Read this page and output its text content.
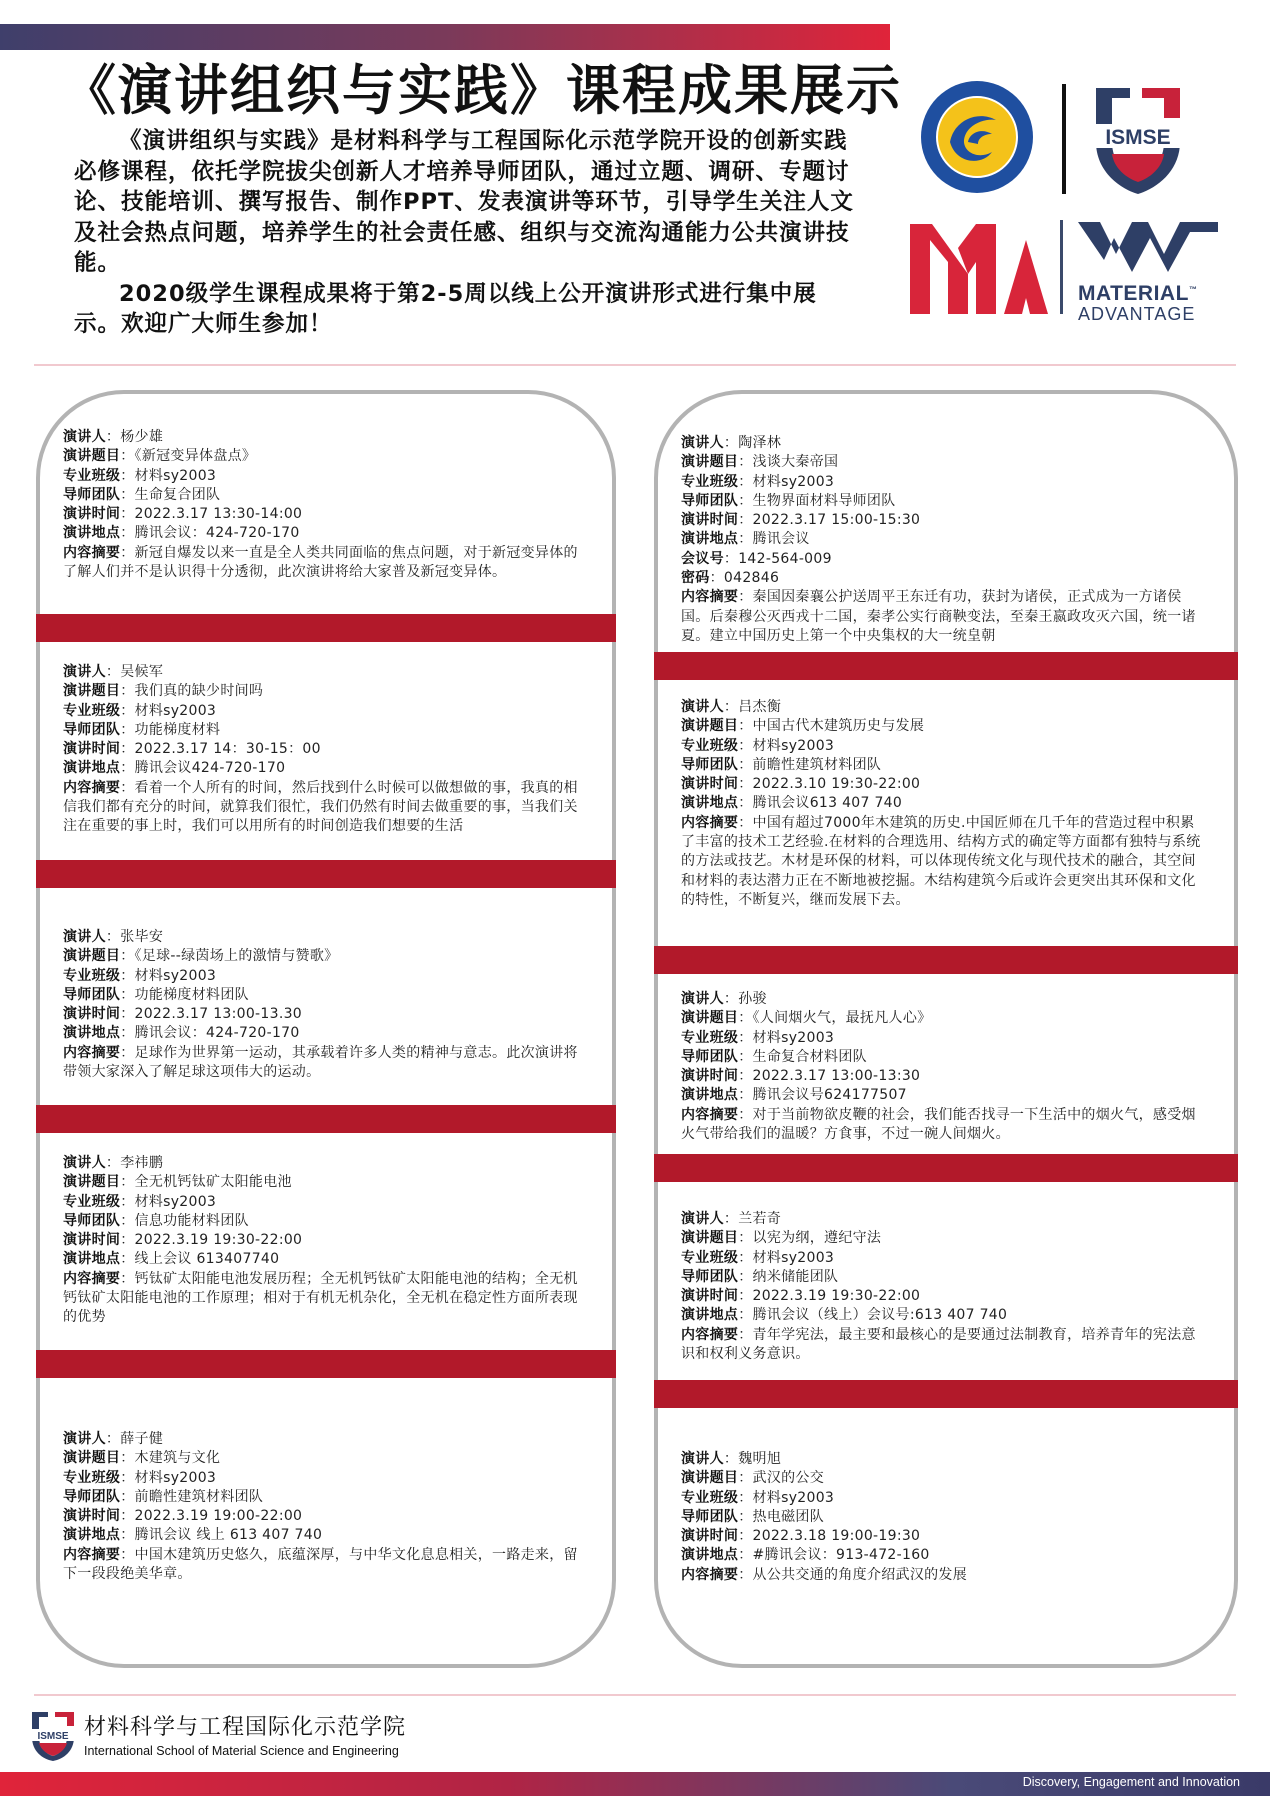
《演讲组织与实践》课程成果展示

《演讲组织与实践》是材料科学与工程国际化示范学院开设的创新实践必修课程，依托学院拔尖创新人才培养导师团队，通过立题、调研、专题讨论、技能培训、撰写报告、制作PPT、发表演讲等环节，引导学生关注人文及社会热点问题，培养学生的社会责任感、组织与交流沟通能力公共演讲技能。

2020级学生课程成果将于第2-5周以线上公开演讲形式进行集中展示。欢迎广大师生参加！

ISMSE
MATERIAL™
ADVANTAGE
演讲人：杨少雄
演讲题目：《新冠变异体盘点》
专业班级：材料sy2003
导师团队：生命复合团队
演讲时间：2022.3.17 13:30-14:00
演讲地点：腾讯会议：424-720-170
内容摘要：新冠自爆发以来一直是全人类共同面临的焦点问题，对于新冠变异体的了解人们并不是认识得十分透彻，此次演讲将给大家普及新冠变异体。
演讲人：吴候军
演讲题目：我们真的缺少时间吗
专业班级：材料sy2003
导师团队：功能梯度材料
演讲时间：2022.3.17 14：30-15：00
演讲地点：腾讯会议424-720-170
内容摘要：看着一个人所有的时间，然后找到什么时候可以做想做的事，我真的相信我们都有充分的时间，就算我们很忙，我们仍然有时间去做重要的事，当我们关注在重要的事上时，我们可以用所有的时间创造我们想要的生活
演讲人：张毕安
演讲题目：《足球--绿茵场上的激情与赞歌》
专业班级：材料sy2003
导师团队：功能梯度材料团队
演讲时间：2022.3.17 13:00-13.30
演讲地点：腾讯会议：424-720-170
内容摘要：足球作为世界第一运动，其承载着许多人类的精神与意志。此次演讲将带领大家深入了解足球这项伟大的运动。
演讲人：李祎鹏
演讲题目：全无机钙钛矿太阳能电池
专业班级：材料sy2003
导师团队：信息功能材料团队
演讲时间：2022.3.19 19:30-22:00
演讲地点：线上会议 613407740
内容摘要：钙钛矿太阳能电池发展历程；全无机钙钛矿太阳能电池的结构；全无机钙钛矿太阳能电池的工作原理；相对于有机无机杂化，全无机在稳定性方面所表现的优势
演讲人：薛子健
演讲题目：木建筑与文化
专业班级：材料sy2003
导师团队：前瞻性建筑材料团队
演讲时间：2022.3.19 19:00-22:00
演讲地点：腾讯会议 线上 613 407 740
内容摘要：中国木建筑历史悠久，底蕴深厚，与中华文化息息相关，一路走来，留下一段段绝美华章。
演讲人：陶泽林
演讲题目：浅谈大秦帝国
专业班级：材料sy2003
导师团队：生物界面材料导师团队
演讲时间：2022.3.17 15:00-15:30
演讲地点：腾讯会议
会议号：142-564-009
密码：042846
内容摘要：秦国因秦襄公护送周平王东迁有功，获封为诸侯，正式成为一方诸侯国。后秦穆公灭西戎十二国，秦孝公实行商鞅变法，至秦王嬴政攻灭六国，统一诸夏。建立中国历史上第一个中央集权的大一统皇朝
演讲人：吕杰衡
演讲题目：中国古代木建筑历史与发展
专业班级：材料sy2003
导师团队：前瞻性建筑材料团队
演讲时间：2022.3.10 19:30-22:00
演讲地点：腾讯会议613 407 740
内容摘要：中国有超过7000年木建筑的历史.中国匠师在几千年的营造过程中积累了丰富的技术工艺经验.在材料的合理选用、结构方式的确定等方面都有独特与系统的方法或技艺。木材是环保的材料，可以体现传统文化与现代技术的融合，其空间和材料的表达潜力正在不断地被挖掘。木结构建筑今后或许会更突出其环保和文化的特性，不断复兴，继而发展下去。
演讲人：孙骏
演讲题目：《人间烟火气，最抚凡人心》
专业班级：材料sy2003
导师团队：生命复合材料团队
演讲时间：2022.3.17 13:00-13:30
演讲地点：腾讯会议号624177507
内容摘要：对于当前物欲皮鞭的社会，我们能否找寻一下生活中的烟火气，感受烟火气带给我们的温暖？方食事，不过一碗人间烟火。
演讲人：兰若奇
演讲题目：以宪为纲，遵纪守法
专业班级：材料sy2003
导师团队：纳米储能团队
演讲时间：2022.3.19 19:30-22:00
演讲地点：腾讯会议（线上）会议号:613 407 740
内容摘要：青年学宪法，最主要和最核心的是要通过法制教育，培养青年的宪法意识和权利义务意识。
演讲人：魏明旭
演讲题目：武汉的公交
专业班级：材料sy2003
导师团队：热电磁团队
演讲时间：2022.3.18 19:00-19:30
演讲地点：#腾讯会议：913-472-160
内容摘要：从公共交通的角度介绍武汉的发展
ISMSE 材料科学与工程国际化示范学院
International School of Material Science and Engineering
Discovery, Engagement and Innovation
